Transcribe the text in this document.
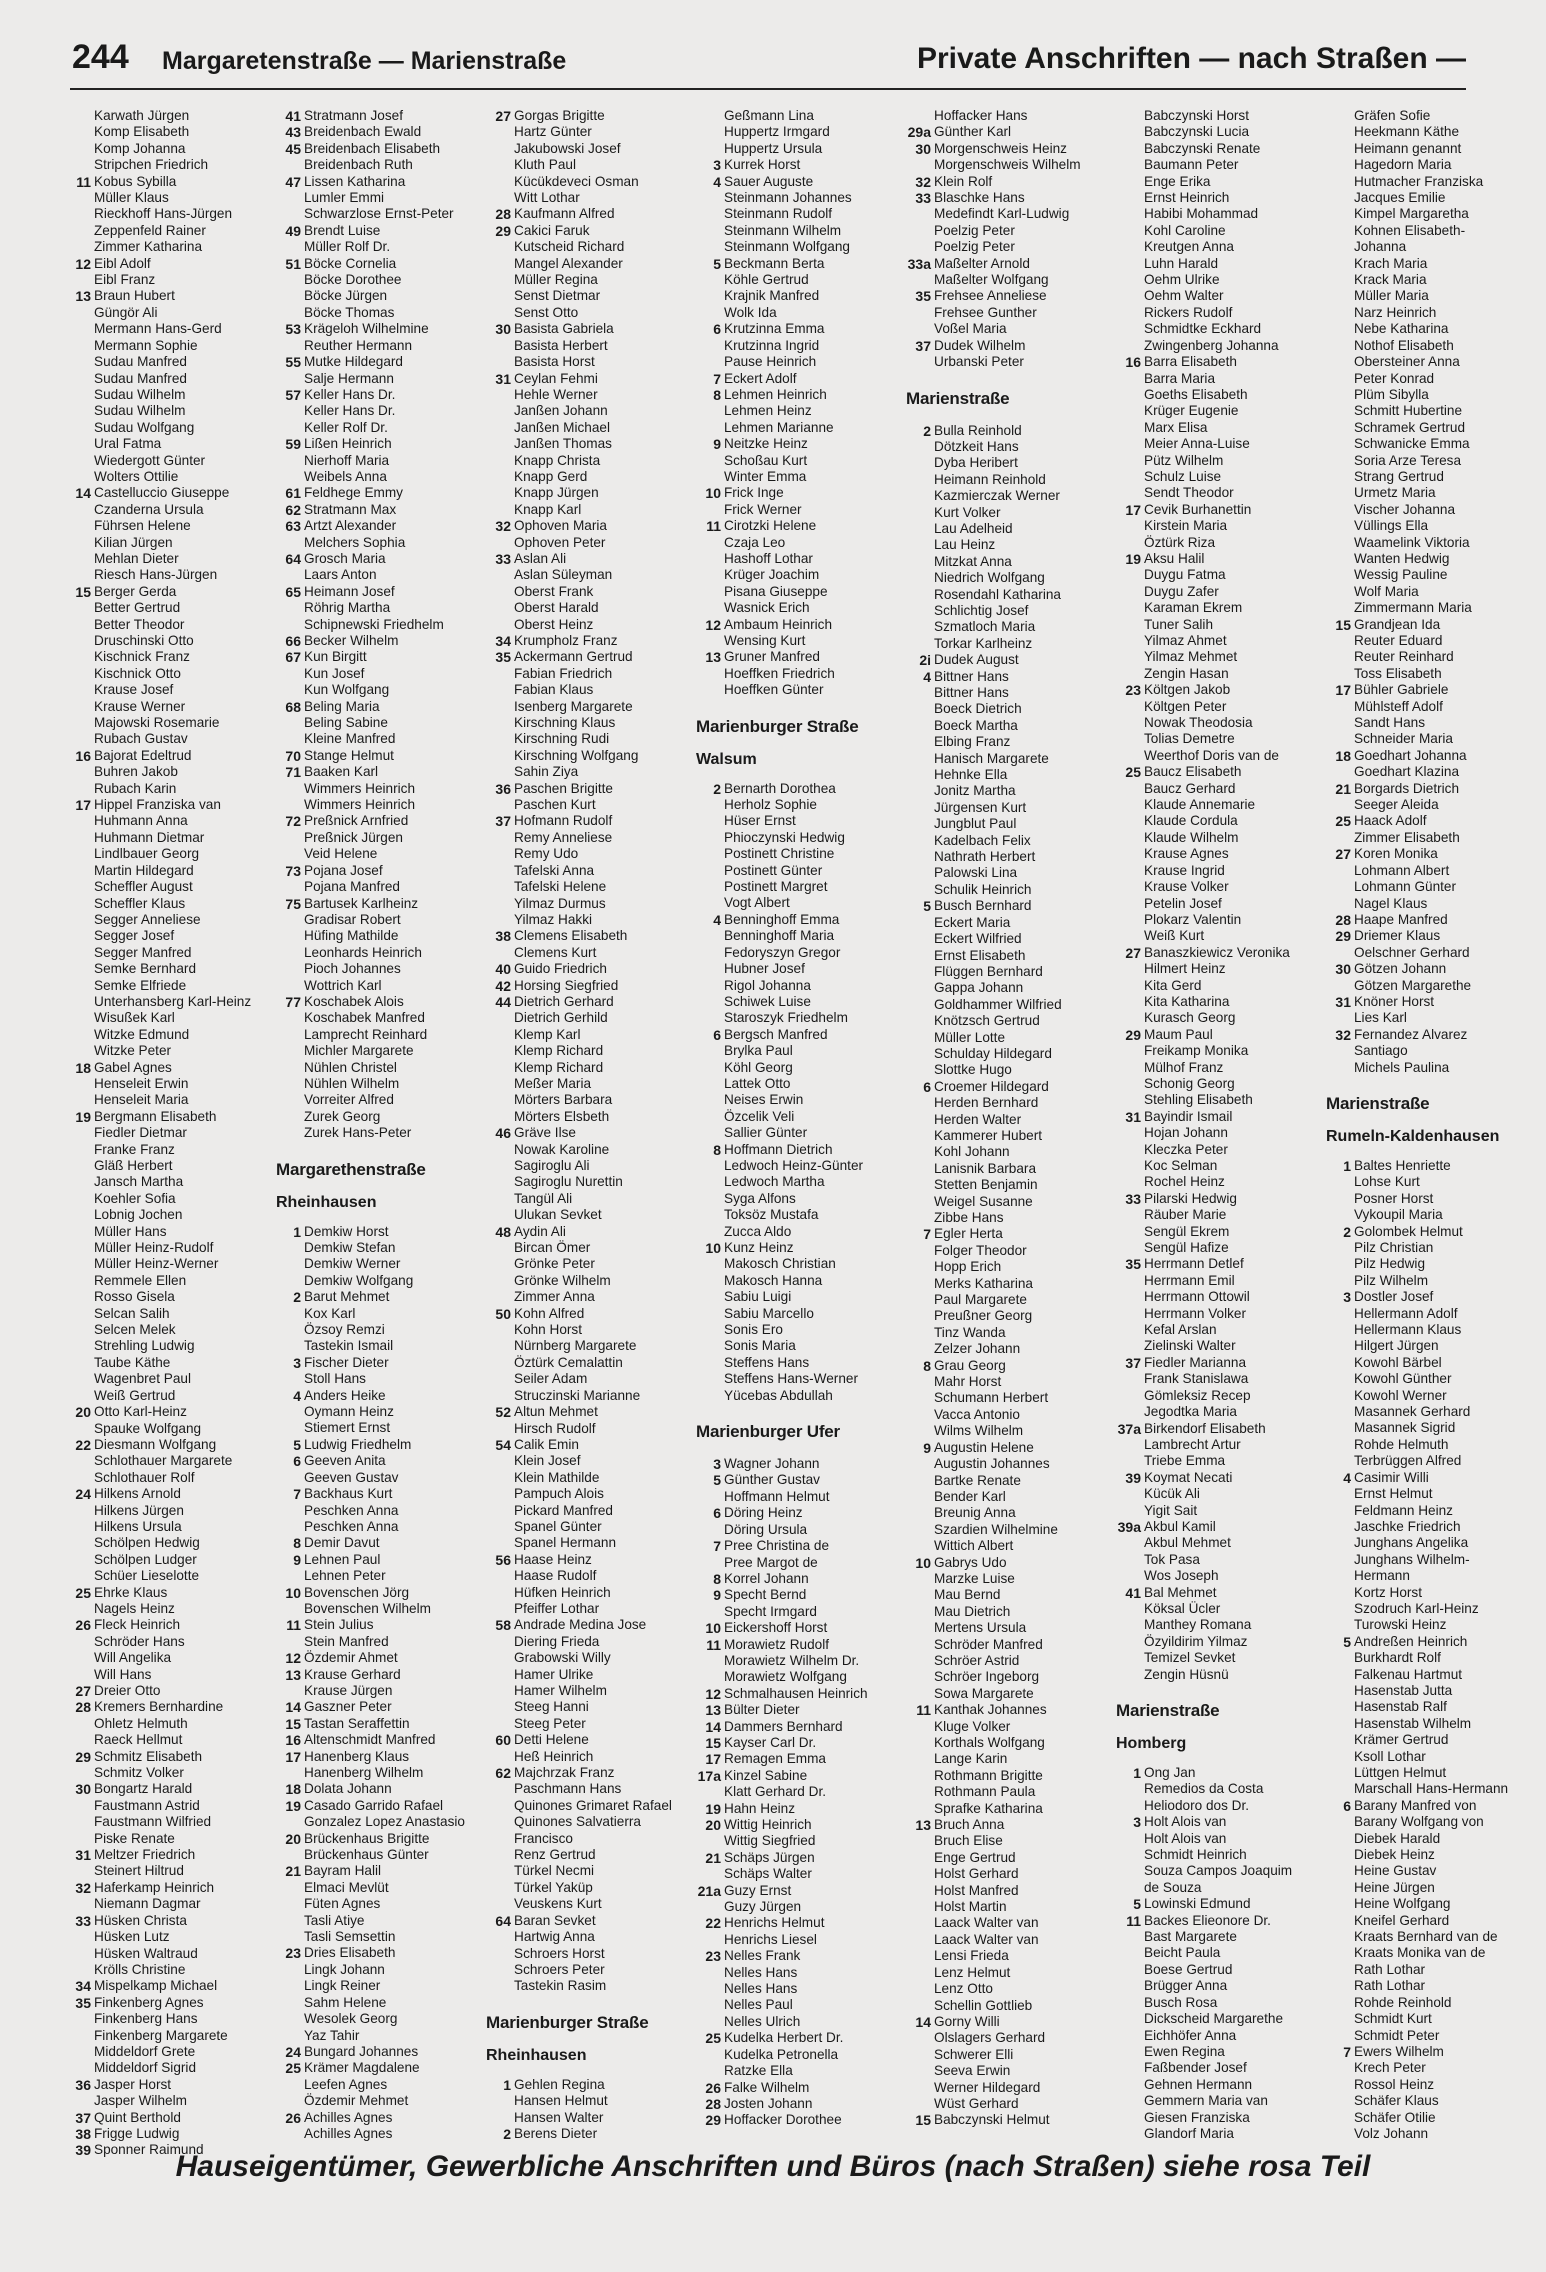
244 Margaretenstraße — Marienstraße	Private Anschriften — nach Straßen —
Karwath Jürgen
Komp Elisabeth
Komp Johanna
Stripchen Friedrich
11 Kobus Sybilla
Müller Klaus
Rieckhoff Hans-Jürgen
Zeppenfeld Rainer
Zimmer Katharina
12 Eibl Adolf
Eibl Franz
13 Braun Hubert
Güngör Ali
Mermann Hans-Gerd
Mermann Sophie
Sudau Manfred
Sudau Manfred
Sudau Wilhelm
Sudau Wilhelm
Sudau Wolfgang
Ural Fatma
Wiedergott Günter
Wolters Ottilie
14 Castelluccio Giuseppe
Czanderna Ursula
Führsen Helene
Kilian Jürgen
Mehlan Dieter
Riesch Hans-Jürgen
15 Berger Gerda
Better Gertrud
Better Theodor
Druschinski Otto
Kischnick Franz
Kischnick Otto
Krause Josef
Krause Werner
Majowski Rosemarie
Rubach Gustav
16 Bajorat Edeltrud
Buhren Jakob
Rubach Karin
17 Hippel Franziska van
Huhmann Anna
Huhmann Dietmar
Lindlbauer Georg
Martin Hildegard
Scheffler August
Scheffler Klaus
Segger Anneliese
Segger Josef
Segger Manfred
Semke Bernhard
Semke Elfriede
Unterhansberg Karl-Heinz
Wisußek Karl
Witzke Edmund
Witzke Peter
18 Gabel Agnes
Henseleit Erwin
Henseleit Maria
19 Bergmann Elisabeth
Fiedler Dietmar
Franke Franz
Gläß Herbert
Jansch Martha
Koehler Sofia
Lobnig Jochen
Müller Hans
Müller Heinz-Rudolf
Müller Heinz-Werner
Remmele Ellen
Rosso Gisela
Selcan Salih
Selcen Melek
Strehling Ludwig
Taube Käthe
Wagenbret Paul
Weiß Gertrud
20 Otto Karl-Heinz
Spauke Wolfgang
22 Diesmann Wolfgang
Schlothauer Margarete
Schlothauer Rolf
24 Hilkens Arnold
Hilkens Jürgen
Hilkens Ursula
Schölpen Hedwig
Schölpen Ludger
Schüer Lieselotte
25 Ehrke Klaus
Nagels Heinz
26 Fleck Heinrich
Schröder Hans
Will Angelika
Will Hans
27 Dreier Otto
28 Kremers Bernhardine
Ohletz Helmuth
Raeck Hellmut
29 Schmitz Elisabeth
Schmitz Volker
30 Bongartz Harald
Faustmann Astrid
Faustmann Wilfried
Piske Renate
31 Meltzer Friedrich
Steinert Hiltrud
32 Haferkamp Heinrich
Niemann Dagmar
33 Hüsken Christa
Hüsken Lutz
Hüsken Waltraud
Krölls Christine
34 Mispelkamp Michael
35 Finkenberg Agnes
Finkenberg Hans
Finkenberg Margarete
Middeldorf Grete
Middeldorf Sigrid
36 Jasper Horst
Jasper Wilhelm
37 Quint Berthold
38 Frigge Ludwig
39 Sponner Raimund
41 Stratmann Josef
43 Breidenbach Ewald
45 Breidenbach Elisabeth
Breidenbach Ruth
47 Lissen Katharina
Lumler Emmi
Schwarzlose Ernst-Peter
49 Brendt Luise
Müller Rolf Dr.
51 Böcke Cornelia
Böcke Dorothee
Böcke Jürgen
Böcke Thomas
53 Krägeloh Wilhelmine
Reuther Hermann
55 Mutke Hildegard
Salje Hermann
57 Keller Hans Dr.
Keller Hans Dr.
Keller Rolf Dr.
59 Lißen Heinrich
Nierhoff Maria
Weibels Anna
61 Feldhege Emmy
62 Stratmann Max
63 Artzt Alexander
Melchers Sophia
64 Grosch Maria
Laars Anton
65 Heimann Josef
Röhrig Martha
Schipnewski Friedhelm
66 Becker Wilhelm
67 Kun Birgitt
Kun Josef
Kun Wolfgang
68 Beling Maria
Beling Sabine
Kleine Manfred
70 Stange Helmut
71 Baaken Karl
Wimmers Heinrich
Wimmers Heinrich
72 Preßnick Arnfried
Preßnick Jürgen
Veid Helene
73 Pojana Josef
Pojana Manfred
75 Bartusek Karlheinz
Gradisar Robert
Hüfing Mathilde
Leonhards Heinrich
Pioch Johannes
Wottrich Karl
77 Koschabek Alois
Koschabek Manfred
Lamprecht Reinhard
Michler Margarete
Nühlen Christel
Nühlen Wilhelm
Vorreiter Alfred
Zurek Georg
Zurek Hans-Peter
Margarethenstraße
Rheinhausen
1 Demkiw Horst
Demkiw Stefan
Demkiw Werner
Demkiw Wolfgang
2 Barut Mehmet
Kox Karl
Özsoy Remzi
Tastekin Ismail
3 Fischer Dieter
Stoll Hans
4 Anders Heike
Oymann Heinz
Stiemert Ernst
5 Ludwig Friedhelm
6 Geeven Anita
Geeven Gustav
7 Backhaus Kurt
Peschken Anna
Peschken Anna
8 Demir Davut
9 Lehnen Paul
Lehnen Peter
10 Bovenschen Jörg
Bovenschen Wilhelm
11 Stein Julius
Stein Manfred
12 Özdemir Ahmet
13 Krause Gerhard
Krause Jürgen
14 Gaszner Peter
15 Tastan Seraffettin
16 Altenschmidt Manfred
17 Hanenberg Klaus
Hanenberg Wilhelm
18 Dolata Johann
19 Casado Garrido Rafael
Gonzalez Lopez Anastasio
20 Brückenhaus Brigitte
Brückenhaus Günter
21 Bayram Halil
Elmaci Mevlüt
Füten Agnes
Tasli Atiye
Tasli Semsettin
23 Dries Elisabeth
Lingk Johann
Lingk Reiner
Sahm Helene
Wesolek Georg
Yaz Tahir
24 Bungard Johannes
25 Krämer Magdalene
Leefen Agnes
Özdemir Mehmet
26 Achilles Agnes
Achilles Agnes
27 Gorgas Brigitte
Hartz Günter
Jakubowski Josef
Kluth Paul
Kücükdeveci Osman
Witt Lothar
28 Kaufmann Alfred
29 Cakici Faruk
Kutscheid Richard
Mangel Alexander
Müller Regina
Senst Dietmar
Senst Otto
30 Basista Gabriela
Basista Herbert
Basista Horst
31 Ceylan Fehmi
Hehle Werner
Janßen Johann
Janßen Michael
Janßen Thomas
Knapp Christa
Knapp Gerd
Knapp Jürgen
Knapp Karl
32 Ophoven Maria
Ophoven Peter
33 Aslan Ali
Aslan Süleyman
Oberst Frank
Oberst Harald
Oberst Heinz
34 Krumpholz Franz
35 Ackermann Gertrud
Fabian Friedrich
Fabian Klaus
Isenberg Margarete
Kirschning Klaus
Kirschning Rudi
Kirschning Wolfgang
Sahin Ziya
36 Paschen Brigitte
Paschen Kurt
37 Hofmann Rudolf
Remy Anneliese
Remy Udo
Tafelski Anna
Tafelski Helene
Yilmaz Durmus
Yilmaz Hakki
38 Clemens Elisabeth
Clemens Kurt
40 Guido Friedrich
42 Horsing Siegfried
44 Dietrich Gerhard
Dietrich Gerhild
Klemp Karl
Klemp Richard
Klemp Richard
Meßer Maria
Mörters Barbara
Mörters Elsbeth
46 Gräve Ilse
Nowak Karoline
Sagiroglu Ali
Sagiroglu Nurettin
Tangül Ali
Ulukan Sevket
48 Aydin Ali
Bircan Ömer
Grönke Peter
Grönke Wilhelm
Zimmer Anna
50 Kohn Alfred
Kohn Horst
Nürnberg Margarete
Öztürk Cemalattin
Seiler Adam
Struczinski Marianne
52 Altun Mehmet
Hirsch Rudolf
54 Calik Emin
Klein Josef
Klein Mathilde
Pampuch Alois
Pickard Manfred
Spanel Günter
Spanel Hermann
56 Haase Heinz
Haase Rudolf
Hüfken Heinrich
Pfeiffer Lothar
58 Andrade Medina Jose
Diering Frieda
Grabowski Willy
Hamer Ulrike
Hamer Wilhelm
Steeg Hanni
Steeg Peter
60 Detti Helene
Heß Heinrich
62 Majchrzak Franz
Paschmann Hans
Quinones Grimaret Rafael
Quinones Salvatierra
Francisco
Renz Gertrud
Türkel Necmi
Türkel Yaküp
Veuskens Kurt
64 Baran Sevket
Hartwig Anna
Schroers Horst
Schroers Peter
Tastekin Rasim
Marienburger Straße
Rheinhausen
1 Gehlen Regina
Hansen Helmut
Hansen Walter
2 Berens Dieter
Geßmann Lina
Huppertz Irmgard
Huppertz Ursula
3 Kurrek Horst
4 Sauer Auguste
Steinmann Johannes
Steinmann Rudolf
Steinmann Wilhelm
Steinmann Wolfgang
5 Beckmann Berta
Köhle Gertrud
Krajnik Manfred
Wolk Ida
6 Krutzinna Emma
Krutzinna Ingrid
Pause Heinrich
7 Eckert Adolf
8 Lehmen Heinrich
Lehmen Heinz
Lehmen Marianne
9 Neitzke Heinz
Schoßau Kurt
Winter Emma
10 Frick Inge
Frick Werner
11 Cirotzki Helene
Czaja Leo
Hashoff Lothar
Krüger Joachim
Pisana Giuseppe
Wasnick Erich
12 Ambaum Heinrich
Wensing Kurt
13 Gruner Manfred
Hoeffken Friedrich
Hoeffken Günter
Marienburger Straße
Walsum
2 Bernarth Dorothea
Herholz Sophie
Hüser Ernst
Phioczynski Hedwig
Postinett Christine
Postinett Günter
Postinett Margret
Vogt Albert
4 Benninghoff Emma
Benninghoff Maria
Fedoryszyn Gregor
Hubner Josef
Rigol Johanna
Schiwek Luise
Staroszyk Friedhelm
6 Bergsch Manfred
Brylka Paul
Köhl Georg
Lattek Otto
Neises Erwin
Özcelik Veli
Sallier Günter
8 Hoffmann Dietrich
Ledwoch Heinz-Günter
Ledwoch Martha
Syga Alfons
Toksöz Mustafa
Zucca Aldo
10 Kunz Heinz
Makosch Christian
Makosch Hanna
Sabiu Luigi
Sabiu Marcello
Sonis Ero
Sonis Maria
Steffens Hans
Steffens Hans-Werner
Yücebas Abdullah
Marienburger Ufer
3 Wagner Johann
5 Günther Gustav
Hoffmann Helmut
6 Döring Heinz
Döring Ursula
7 Pree Christina de
Pree Margot de
8 Korrel Johann
9 Specht Bernd
Specht Irmgard
10 Eickershoff Horst
11 Morawietz Rudolf
Morawietz Wilhelm Dr.
Morawietz Wolfgang
12 Schmalhausen Heinrich
13 Bülter Dieter
14 Dammers Bernhard
15 Kayser Carl Dr.
17 Remagen Emma
17a Kinzel Sabine
Klatt Gerhard Dr.
19 Hahn Heinz
20 Wittig Heinrich
Wittig Siegfried
21 Schäps Jürgen
Schäps Walter
21a Guzy Ernst
Guzy Jürgen
22 Henrichs Helmut
Henrichs Liesel
23 Nelles Frank
Nelles Hans
Nelles Hans
Nelles Paul
Nelles Ulrich
25 Kudelka Herbert Dr.
Kudelka Petronella
Ratzke Ella
26 Falke Wilhelm
28 Josten Johann
29 Hoffacker Dorothee
Hoffacker Hans
29a Günther Karl
30 Morgenschweis Heinz
Morgenschweis Wilhelm
32 Klein Rolf
33 Blaschke Hans
Medefindt Karl-Ludwig
Poelzig Peter
Poelzig Peter
33a Maßelter Arnold
Maßelter Wolfgang
35 Frehsee Anneliese
Frehsee Gunther
Voßel Maria
37 Dudek Wilhelm
Urbanski Peter
Marienstraße
2 Bulla Reinhold
Dötzkeit Hans
Dyba Heribert
Heimann Reinhold
Kazmierczak Werner
Kurt Volker
Lau Adelheid
Lau Heinz
Mitzkat Anna
Niedrich Wolfgang
Rosendahl Katharina
Schlichtig Josef
Szmatloch Maria
Torkar Karlheinz
2i Dudek August
4 Bittner Hans
Bittner Hans
Boeck Dietrich
Boeck Martha
Elbing Franz
Hanisch Margarete
Hehnke Ella
Jonitz Martha
Jürgensen Kurt
Jungblut Paul
Kadelbach Felix
Nathrath Herbert
Palowski Lina
Schulik Heinrich
5 Busch Bernhard
Eckert Maria
Eckert Wilfried
Ernst Elisabeth
Flüggen Bernhard
Gappa Johann
Goldhammer Wilfried
Knötzsch Gertrud
Müller Lotte
Schulday Hildegard
Slottke Hugo
6 Croemer Hildegard
Herden Bernhard
Herden Walter
Kammerer Hubert
Kohl Johann
Lanisnik Barbara
Stetten Benjamin
Weigel Susanne
Zibbe Hans
7 Egler Herta
Folger Theodor
Hopp Erich
Merks Katharina
Paul Margarete
Preußner Georg
Tinz Wanda
Zelzer Johann
8 Grau Georg
Mahr Horst
Schumann Herbert
Vacca Antonio
Wilms Wilhelm
9 Augustin Helene
Augustin Johannes
Bartke Renate
Bender Karl
Breunig Anna
Szardien Wilhelmine
Wittich Albert
10 Gabrys Udo
Marzke Luise
Mau Bernd
Mau Dietrich
Mertens Ursula
Schröder Manfred
Schröer Astrid
Schröer Ingeborg
Sowa Margarete
11 Kanthak Johannes
Kluge Volker
Korthals Wolfgang
Lange Karin
Rothmann Brigitte
Rothmann Paula
Sprafke Katharina
13 Bruch Anna
Bruch Elise
Enge Gertrud
Holst Gerhard
Holst Manfred
Holst Martin
Laack Walter van
Laack Walter van
Lensi Frieda
Lenz Helmut
Lenz Otto
Schellin Gottlieb
14 Gorny Willi
Olslagers Gerhard
Schwerer Elli
Seeva Erwin
Werner Hildegard
Wüst Gerhard
15 Babczynski Helmut
Babczynski Horst
Babczynski Lucia
Babczynski Renate
Baumann Peter
Enge Erika
Ernst Heinrich
Habibi Mohammad
Kohl Caroline
Kreutgen Anna
Luhn Harald
Oehm Ulrike
Oehm Walter
Rickers Rudolf
Schmidtke Eckhard
Zwingenberg Johanna
16 Barra Elisabeth
Barra Maria
Goeths Elisabeth
Krüger Eugenie
Marx Elisa
Meier Anna-Luise
Pütz Wilhelm
Schulz Luise
Sendt Theodor
17 Cevik Burhanettin
Kirstein Maria
Öztürk Riza
19 Aksu Halil
Duygu Fatma
Duygu Zafer
Karaman Ekrem
Tuner Salih
Yilmaz Ahmet
Yilmaz Mehmet
Zengin Hasan
23 Költgen Jakob
Költgen Peter
Nowak Theodosia
Tolias Demetre
Weerthof Doris van de
25 Baucz Elisabeth
Baucz Gerhard
Klaude Annemarie
Klaude Cordula
Klaude Wilhelm
Krause Agnes
Krause Ingrid
Krause Volker
Petelin Josef
Plokarz Valentin
Weiß Kurt
27 Banaszkiewicz Veronika
Hilmert Heinz
Kita Gerd
Kita Katharina
Kurasch Georg
29 Maum Paul
Freikamp Monika
Mülhof Franz
Schonig Georg
Stehling Elisabeth
31 Bayindir Ismail
Hojan Johann
Kleczka Peter
Koc Selman
Rochel Heinz
33 Pilarski Hedwig
Räuber Marie
Sengül Ekrem
Sengül Hafize
35 Herrmann Detlef
Herrmann Emil
Herrmann Ottowil
Herrmann Volker
Kefal Arslan
Zielinski Walter
37 Fiedler Marianna
Frank Stanislawa
Gömleksiz Recep
Jegodtka Maria
37a Birkendorf Elisabeth
Lambrecht Artur
Triebe Emma
39 Koymat Necati
Kücük Ali
Yigit Sait
39a Akbul Kamil
Akbul Mehmet
Tok Pasa
Wos Joseph
41 Bal Mehmet
Köksal Ücler
Manthey Romana
Özyildirim Yilmaz
Temizel Sevket
Zengin Hüsnü
Marienstraße
Homberg
1 Ong Jan
Remedios da Costa
Heliodoro dos Dr.
3 Holt Alois van
Holt Alois van
Schmidt Heinrich
Souza Campos Joaquim
de Souza
5 Lowinski Edmund
11 Backes Elieonore Dr.
Bast Margarete
Beicht Paula
Boese Gertrud
Brügger Anna
Busch Rosa
Dickscheid Margarethe
Eichhöfer Anna
Ewen Regina
Faßbender Josef
Gehnen Hermann
Gemmern Maria van
Giesen Franziska
Glandorf Maria
Gräfen Sofie
Heekmann Käthe
Heimann genannt
Hagedorn Maria
Hutmacher Franziska
Jacques Emilie
Kimpel Margaretha
Kohnen Elisabeth-
Johanna
Krach Maria
Krack Maria
Müller Maria
Narz Heinrich
Nebe Katharina
Nothof Elisabeth
Obersteiner Anna
Peter Konrad
Plüm Sibylla
Schmitt Hubertine
Schramek Gertrud
Schwanicke Emma
Soria Arze Teresa
Strang Gertrud
Urmetz Maria
Vischer Johanna
Vüllings Ella
Waamelink Viktoria
Wanten Hedwig
Wessig Pauline
Wolf Maria
Zimmermann Maria
15 Grandjean Ida
Reuter Eduard
Reuter Reinhard
Toss Elisabeth
17 Bühler Gabriele
Mühlsteff Adolf
Sandt Hans
Schneider Maria
18 Goedhart Johanna
Goedhart Klazina
21 Borgards Dietrich
Seeger Aleida
25 Haack Adolf
Zimmer Elisabeth
27 Koren Monika
Lohmann Albert
Lohmann Günter
Nagel Klaus
28 Haape Manfred
29 Driemer Klaus
Oelschner Gerhard
30 Götzen Johann
Götzen Margarethe
31 Knöner Horst
Lies Karl
32 Fernandez Alvarez
Santiago
Michels Paulina
Marienstraße
Rumeln-Kaldenhausen
1 Baltes Henriette
Lohse Kurt
Posner Horst
Vykoupil Maria
2 Golombek Helmut
Pilz Christian
Pilz Hedwig
Pilz Wilhelm
3 Dostler Josef
Hellermann Adolf
Hellermann Klaus
Hilgert Jürgen
Kowohl Bärbel
Kowohl Günther
Kowohl Werner
Masannek Gerhard
Masannek Sigrid
Rohde Helmuth
Terbrüggen Alfred
4 Casimir Willi
Ernst Helmut
Feldmann Heinz
Jaschke Friedrich
Junghans Angelika
Junghans Wilhelm-
Hermann
Kortz Horst
Szodruch Karl-Heinz
Turowski Heinz
5 Andreßen Heinrich
Burkhardt Rolf
Falkenau Hartmut
Hasenstab Jutta
Hasenstab Ralf
Hasenstab Wilhelm
Krämer Gertrud
Ksoll Lothar
Lüttgen Helmut
Marschall Hans-Hermann
6 Barany Manfred von
Barany Wolfgang von
Diebek Harald
Diebek Heinz
Heine Gustav
Heine Jürgen
Heine Wolfgang
Kneifel Gerhard
Kraats Bernhard van de
Kraats Monika van de
Rath Lothar
Rath Lothar
Rohde Reinhold
Schmidt Kurt
Schmidt Peter
7 Ewers Wilhelm
Krech Peter
Rossol Heinz
Schäfer Klaus
Schäfer Otilie
Volz Johann
Hauseigentümer, Gewerbliche Anschriften und Büros (nach Straßen) siehe rosa Teil
